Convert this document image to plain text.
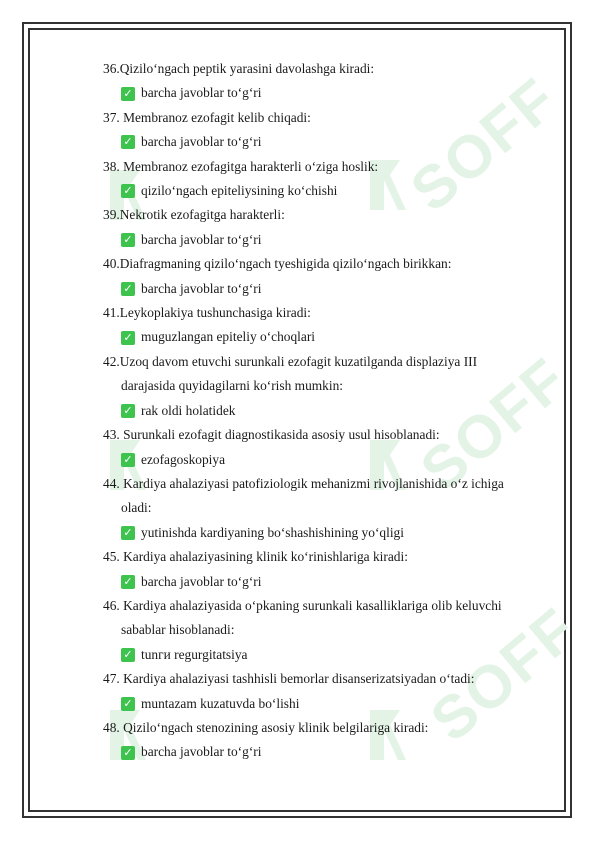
SOFF
SOFF
SOFF

36.Qizilo‘ngach peptik yarasini davolashga kiradi:

✓ barcha javoblar to‘g‘ri

37. Membranoz ezofagit kelib chiqadi:

✓ barcha javoblar to‘g‘ri

38. Membranoz ezofagitga harakterli o‘ziga hoslik:

✓ qizilo‘ngach epiteliysining ko‘chishi

39.Nekrotik ezofagitga harakterli:

✓ barcha javoblar to‘g‘ri

40.Diafragmaning qizilo‘ngach tyeshigida qizilo‘ngach birikkan:

✓ barcha javoblar to‘g‘ri

41.Leykoplakiya tushunchasiga kiradi:

✓ muguzlangan epiteliy o‘choqlari

42.Uzoq davom etuvchi surunkali ezofagit kuzatilganda displaziya III

darajasida quyidagilarni ko‘rish mumkin:

✓ rak oldi holatidek

43. Surunkali ezofagit diagnostikasida asosiy usul hisoblanadi:

✓ ezofagoskopiya

44. Kardiya ahalaziyasi patofiziologik mehanizmi rivojlanishida o‘z ichiga

oladi:

✓ yutinishda kardiyaning bo‘shashishining yo‘qligi

45. Kardiya ahalaziyasining klinik ko‘rinishlariga kiradi:

✓ barcha javoblar to‘g‘ri

46. Kardiya ahalaziyasida o‘pkaning surunkali kasalliklariga olib keluvchi

sabablar hisoblanadi:

✓ tunги regurgitatsiya

47. Kardiya ahalaziyasi tashhisli bemorlar disanserizatsiyadan o‘tadi:

✓ muntazam kuzatuvda bo‘lishi

48. Qizilo‘ngach stenozining asosiy klinik belgilariga kiradi:

✓ barcha javoblar to‘g‘ri
